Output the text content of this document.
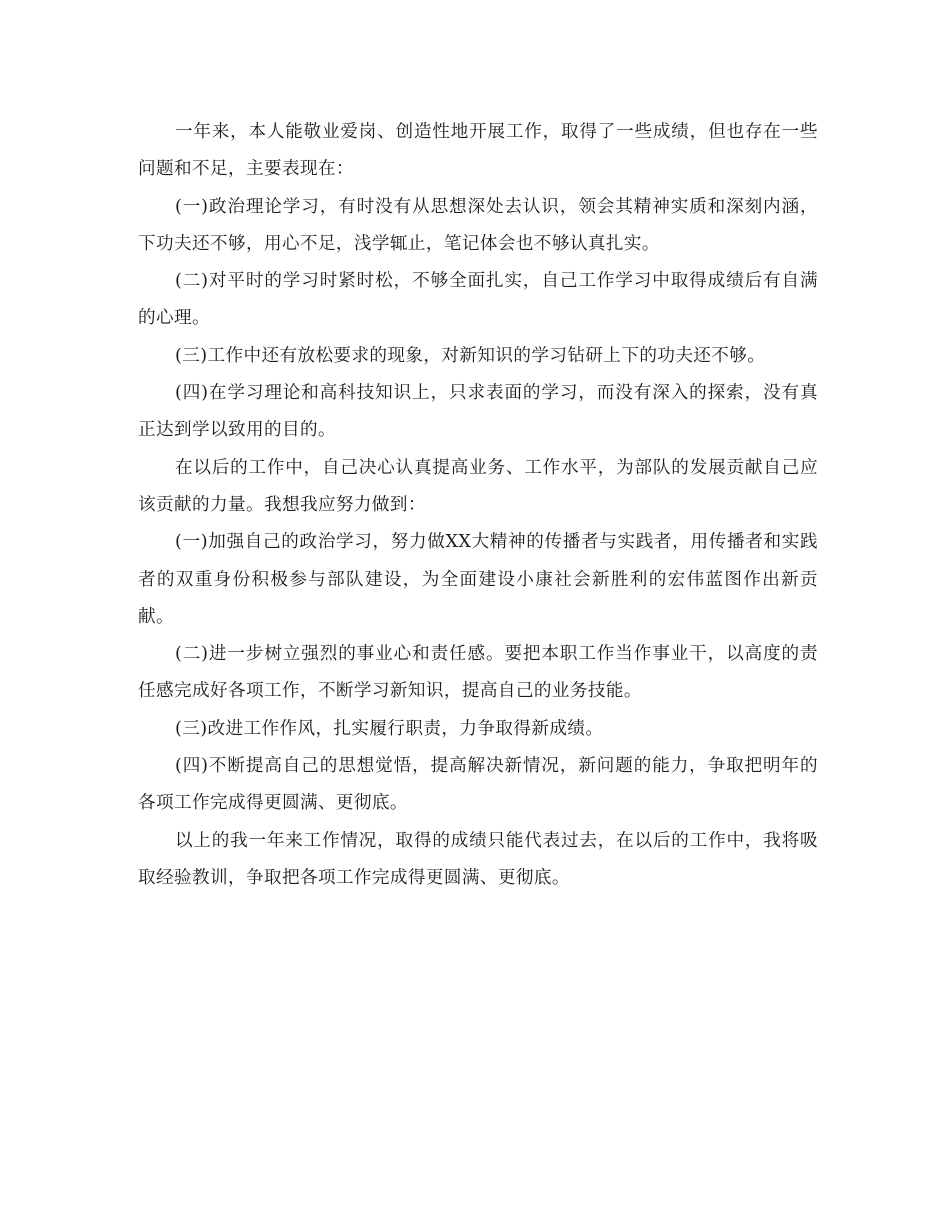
一年来，本人能敬业爱岗、创造性地开展工作，取得了一些成绩，但也存在一些问题和不足，主要表现在：

(一)政治理论学习，有时没有从思想深处去认识，领会其精神实质和深刻内涵，下功夫还不够，用心不足，浅学辄止，笔记体会也不够认真扎实。

(二)对平时的学习时紧时松，不够全面扎实，自己工作学习中取得成绩后有自满的心理。

(三)工作中还有放松要求的现象，对新知识的学习钻研上下的功夫还不够。

(四)在学习理论和高科技知识上，只求表面的学习，而没有深入的探索，没有真正达到学以致用的目的。

在以后的工作中，自己决心认真提高业务、工作水平，为部队的发展贡献自己应该贡献的力量。我想我应努力做到：

(一)加强自己的政治学习，努力做XX大精神的传播者与实践者，用传播者和实践者的双重身份积极参与部队建设，为全面建设小康社会新胜利的宏伟蓝图作出新贡献。

(二)进一步树立强烈的事业心和责任感。要把本职工作当作事业干，以高度的责任感完成好各项工作，不断学习新知识，提高自己的业务技能。

(三)改进工作作风，扎实履行职责，力争取得新成绩。

(四)不断提高自己的思想觉悟，提高解决新情况，新问题的能力，争取把明年的各项工作完成得更圆满、更彻底。

以上的我一年来工作情况，取得的成绩只能代表过去，在以后的工作中，我将吸取经验教训，争取把各项工作完成得更圆满、更彻底。
